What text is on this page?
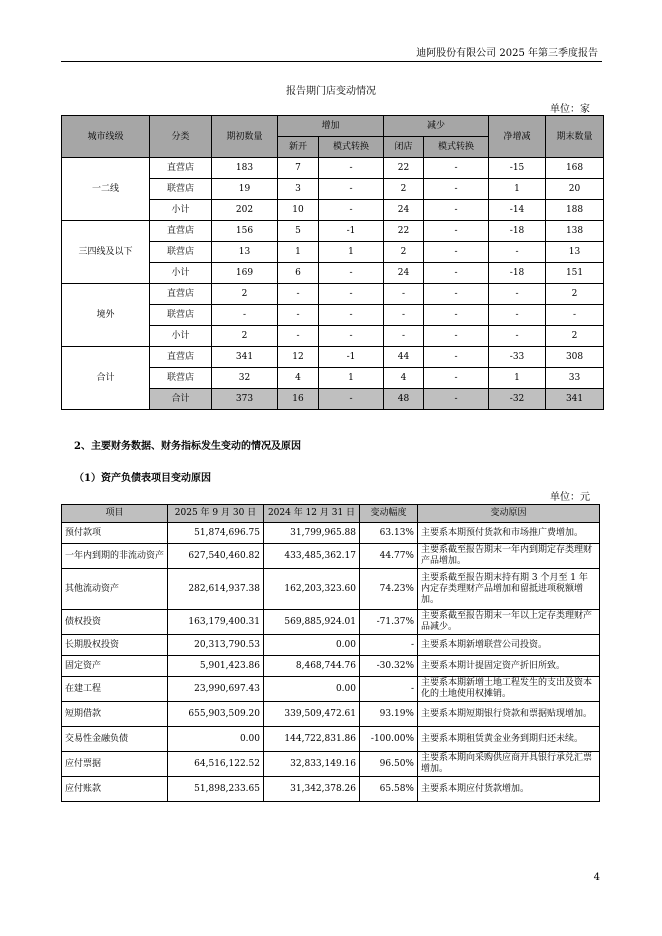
迪阿股份有限公司 2025 年第三季度报告
报告期门店变动情况
单位：家
城市线级	分类	期初数量	增加		减少		净增减	期末数量
			新开	模式转换	闭店	模式转换		
一二线	直营店	183	7	-	22	-	-15	168
	联营店	19	3	-	2	-	1	20
	小计	202	10	-	24	-	-14	188
三四线及以下	直营店	156	5	-1	22	-	-18	138
	联营店	13	1	1	2	-	-	13
	小计	169	6	-	24	-	-18	151
境外	直营店	2	-	-	-	-	-	2
	联营店	-	-	-	-	-	-	-
	小计	2	-	-	-	-	-	2
合计	直营店	341	12	-1	44	-	-33	308
	联营店	32	4	1	4	-	1	33
	合计	373	16	-	48	-	-32	341
2、主要财务数据、财务指标发生变动的情况及原因
（1）资产负债表项目变动原因
单位：元
项目	2025 年 9 月 30 日	2024 年 12 月 31 日	变动幅度	变动原因
预付款项	51,874,696.75	31,799,965.88	63.13%	主要系本期预付货款和市场推广费增加。
一年内到期的非流动资产	627,540,460.82	433,485,362.17	44.77%	主要系截至报告期末一年内到期定存类理财产品增加。
其他流动资产	282,614,937.38	162,203,323.60	74.23%	主要系截至报告期末持有期 3 个月至 1 年内定存类理财产品增加和留抵进项税额增加。
债权投资	163,179,400.31	569,885,924.01	-71.37%	主要系截至报告期末一年以上定存类理财产品减少。
长期股权投资	20,313,790.53	0.00	-	主要系本期新增联营公司投资。
固定资产	5,901,423.86	8,468,744.76	-30.32%	主要系本期计提固定资产折旧所致。
在建工程	23,990,697.43	0.00	-	主要系本期新增土地工程发生的支出及资本化的土地使用权摊销。
短期借款	655,903,509.20	339,509,472.61	93.19%	主要系本期短期银行贷款和票据贴现增加。
交易性金融负债	0.00	144,722,831.86	-100.00%	主要系本期租赁黄金业务到期归还未续。
应付票据	64,516,122.52	32,833,149.16	96.50%	主要系本期向采购供应商开具银行承兑汇票增加。
应付账款	51,898,233.65	31,342,378.26	65.58%	主要系本期应付货款增加。
4
